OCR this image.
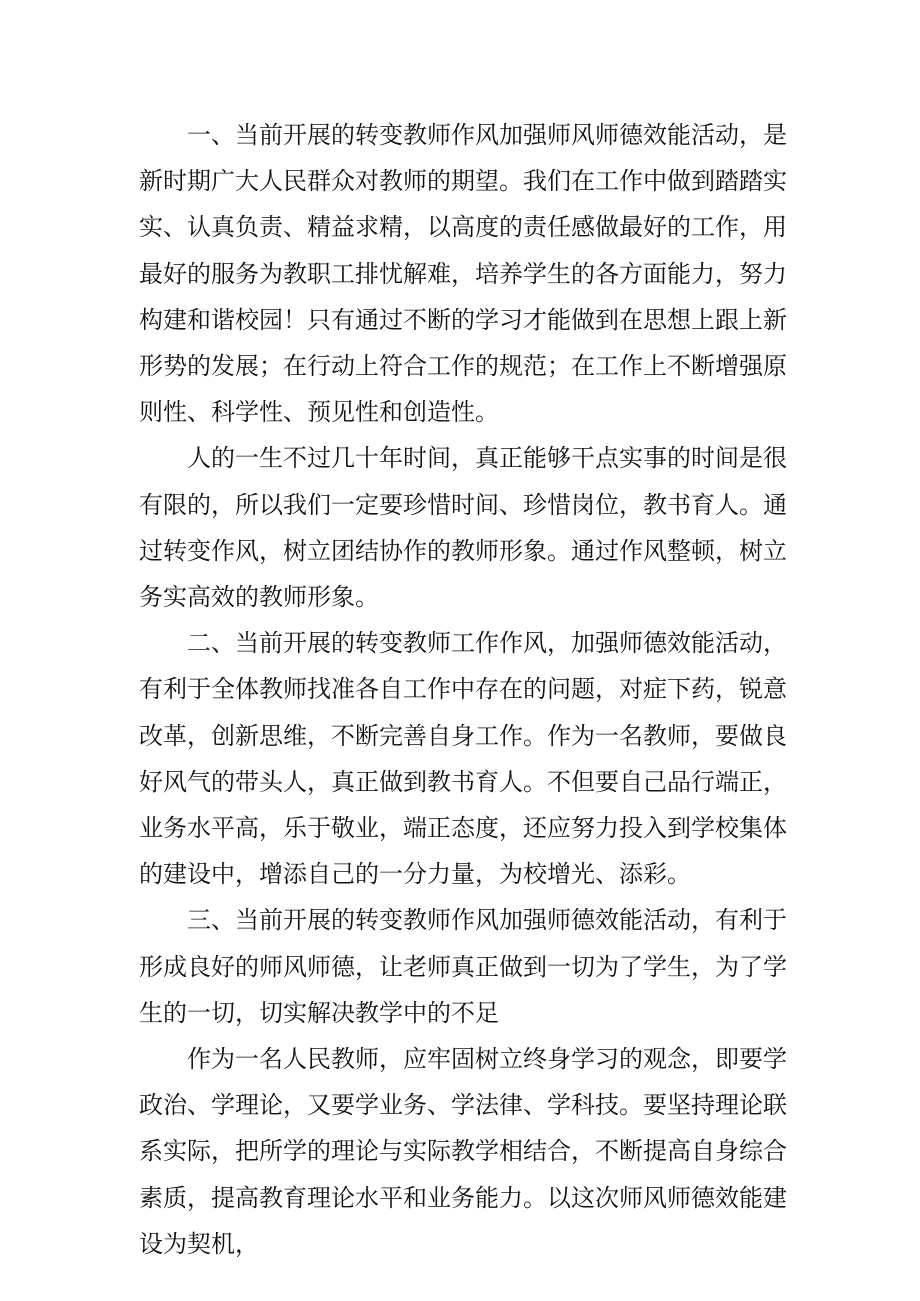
一、当前开展的转变教师作风加强师风师德效能活动，是新时期广大人民群众对教师的期望。我们在工作中做到踏踏实实、认真负责、精益求精，以高度的责任感做最好的工作，用最好的服务为教职工排忧解难，培养学生的各方面能力，努力构建和谐校园！只有通过不断的学习才能做到在思想上跟上新形势的发展；在行动上符合工作的规范；在工作上不断增强原则性、科学性、预见性和创造性。

人的一生不过几十年时间，真正能够干点实事的时间是很有限的，所以我们一定要珍惜时间、珍惜岗位，教书育人。通过转变作风，树立团结协作的教师形象。通过作风整顿，树立务实高效的教师形象。

二、当前开展的转变教师工作作风，加强师德效能活动，有利于全体教师找准各自工作中存在的问题，对症下药，锐意改革，创新思维，不断完善自身工作。作为一名教师，要做良好风气的带头人，真正做到教书育人。不但要自己品行端正，业务水平高，乐于敬业，端正态度，还应努力投入到学校集体的建设中，增添自己的一分力量，为校增光、添彩。

三、当前开展的转变教师作风加强师德效能活动，有利于形成良好的师风师德，让老师真正做到一切为了学生，为了学生的一切，切实解决教学中的不足

作为一名人民教师，应牢固树立终身学习的观念，即要学政治、学理论，又要学业务、学法律、学科技。要坚持理论联系实际，把所学的理论与实际教学相结合，不断提高自身综合素质，提高教育理论水平和业务能力。以这次师风师德效能建设为契机，
